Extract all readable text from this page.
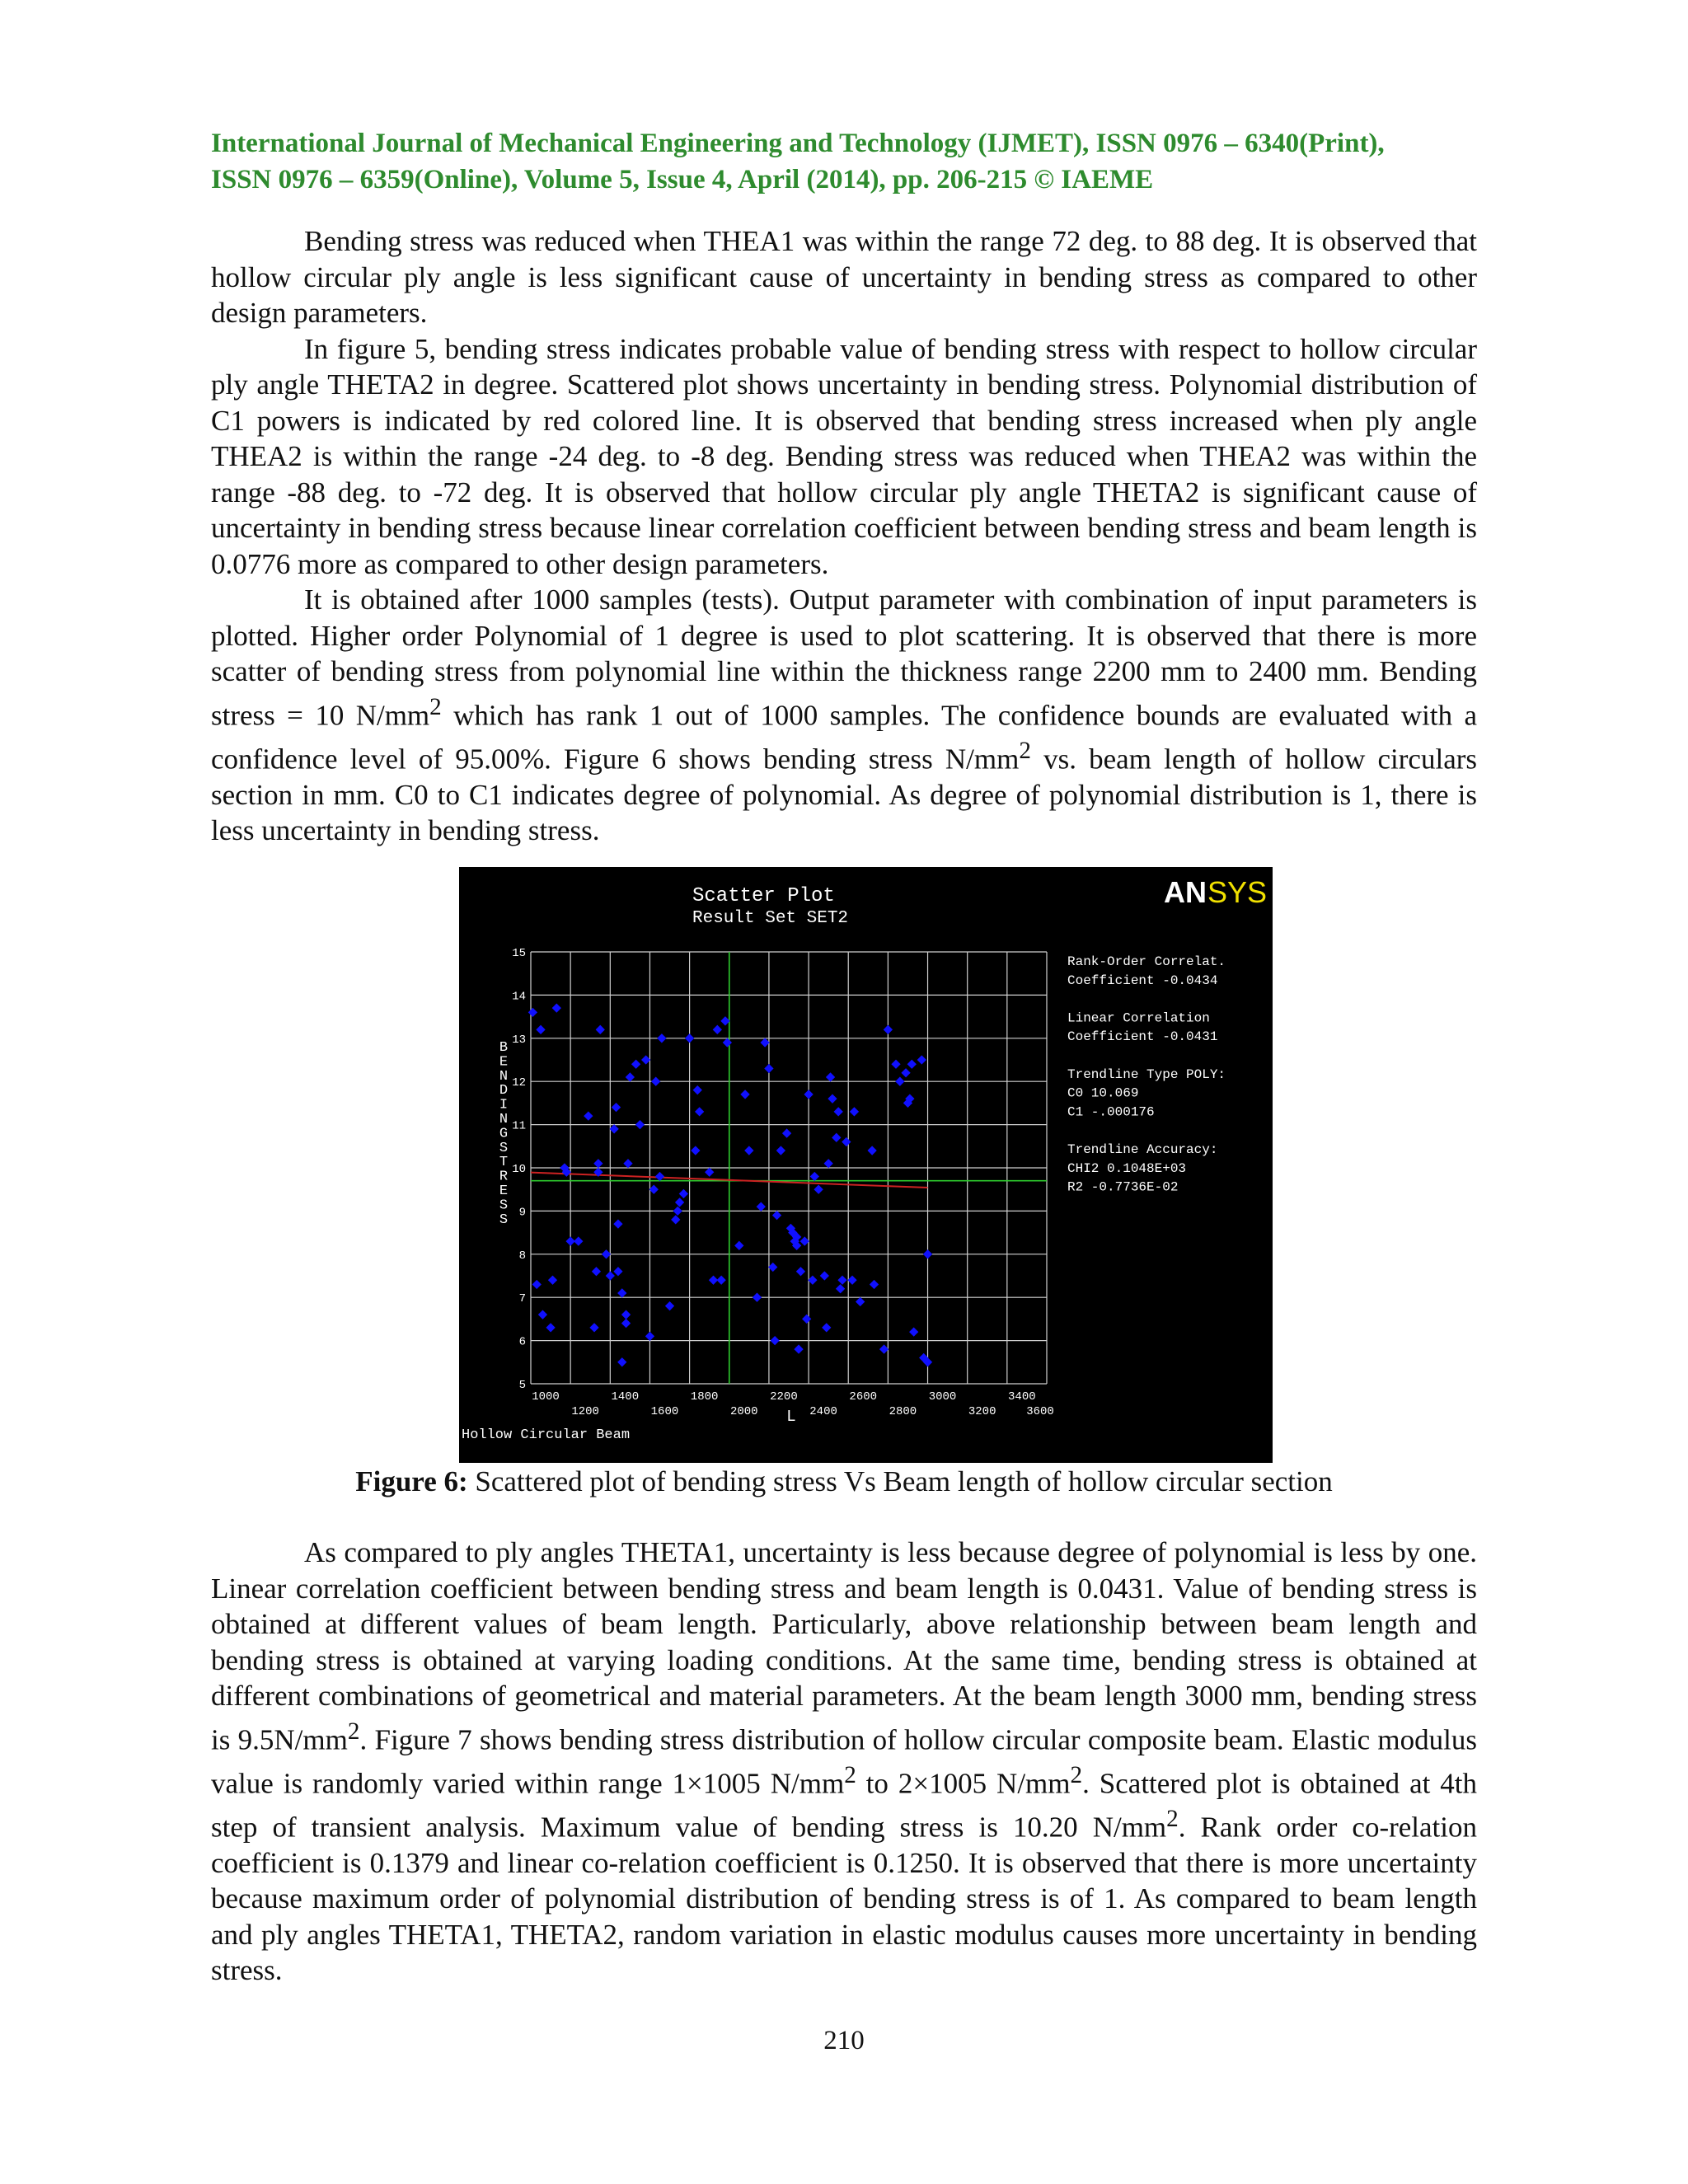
International Journal of Mechanical Engineering and Technology (IJMET), ISSN 0976 – 6340(Print),
ISSN 0976 – 6359(Online), Volume 5, Issue 4, April (2014), pp. 206-215 © IAEME

Bending stress was reduced when THEA1 was within the range 72 deg. to 88 deg. It is observed that hollow circular ply angle is less significant cause of uncertainty in bending stress as compared to other design parameters.

In figure 5, bending stress indicates probable value of bending stress with respect to hollow circular ply angle THETA2 in degree. Scattered plot shows uncertainty in bending stress. Polynomial distribution of C1 powers is indicated by red colored line. It is observed that bending stress increased when ply angle THEA2 is within the range -24 deg. to -8 deg. Bending stress was reduced when THEA2 was within the range -88 deg. to -72 deg. It is observed that hollow circular ply angle THETA2 is significant cause of uncertainty in bending stress because linear correlation coefficient between bending stress and beam length is 0.0776 more as compared to other design parameters.

It is obtained after 1000 samples (tests). Output parameter with combination of input parameters is plotted. Higher order Polynomial of 1 degree is used to plot scattering. It is observed that there is more scatter of bending stress from polynomial line within the thickness range 2200 mm to 2400 mm. Bending stress = 10 $N/mm^2$ which has rank 1 out of 1000 samples. The confidence bounds are evaluated with a confidence level of 95.00%. Figure 6 shows bending stress $N/mm^2$ vs. beam length of hollow circulars section in mm. C0 to C1 indicates degree of polynomial. As degree of polynomial distribution is 1, there is less uncertainty in bending stress.

5
6
7
8
9
10
11
12
13
14
15
1000	1400	1800	2200	2600	3000	3400
1200	1600	2000	2400	2800	3200	3600
Scatter Plot
Result Set SET2
AN SYS
B
E
N
D
I
N
G
S
T
R
E
S
S
L
Hollow Circular Beam
Rank-Order Correlat.
Coefficient -0.0434
Linear Correlation
Coefficient -0.0431
Trendline Type POLY:
C0 10.069
C1 -.000176
Trendline Accuracy:
CHI2 0.1048E+03
R2 -0.7736E-02
Figure 6: Scattered plot of bending stress Vs Beam length of hollow circular section

As compared to ply angles THETA1, uncertainty is less because degree of polynomial is less by one. Linear correlation coefficient between bending stress and beam length is 0.0431. Value of bending stress is obtained at different values of beam length. Particularly, above relationship between beam length and bending stress is obtained at varying loading conditions. At the same time, bending stress is obtained at different combinations of geometrical and material parameters. At the beam length 3000 mm, bending stress is $9.5N/mm^2$. Figure 7 shows bending stress distribution of hollow circular composite beam. Elastic modulus value is randomly varied within range 1×1005 $N/mm^2$ to 2×1005 $N/mm^2$. Scattered plot is obtained at 4th step of transient analysis. Maximum value of bending stress is 10.20 $N/mm^2$. Rank order co-relation coefficient is 0.1379 and linear co-relation coefficient is 0.1250. It is observed that there is more uncertainty because maximum order of polynomial distribution of bending stress is of 1. As compared to beam length and ply angles THETA1, THETA2, random variation in elastic modulus causes more uncertainty in bending stress.

210
